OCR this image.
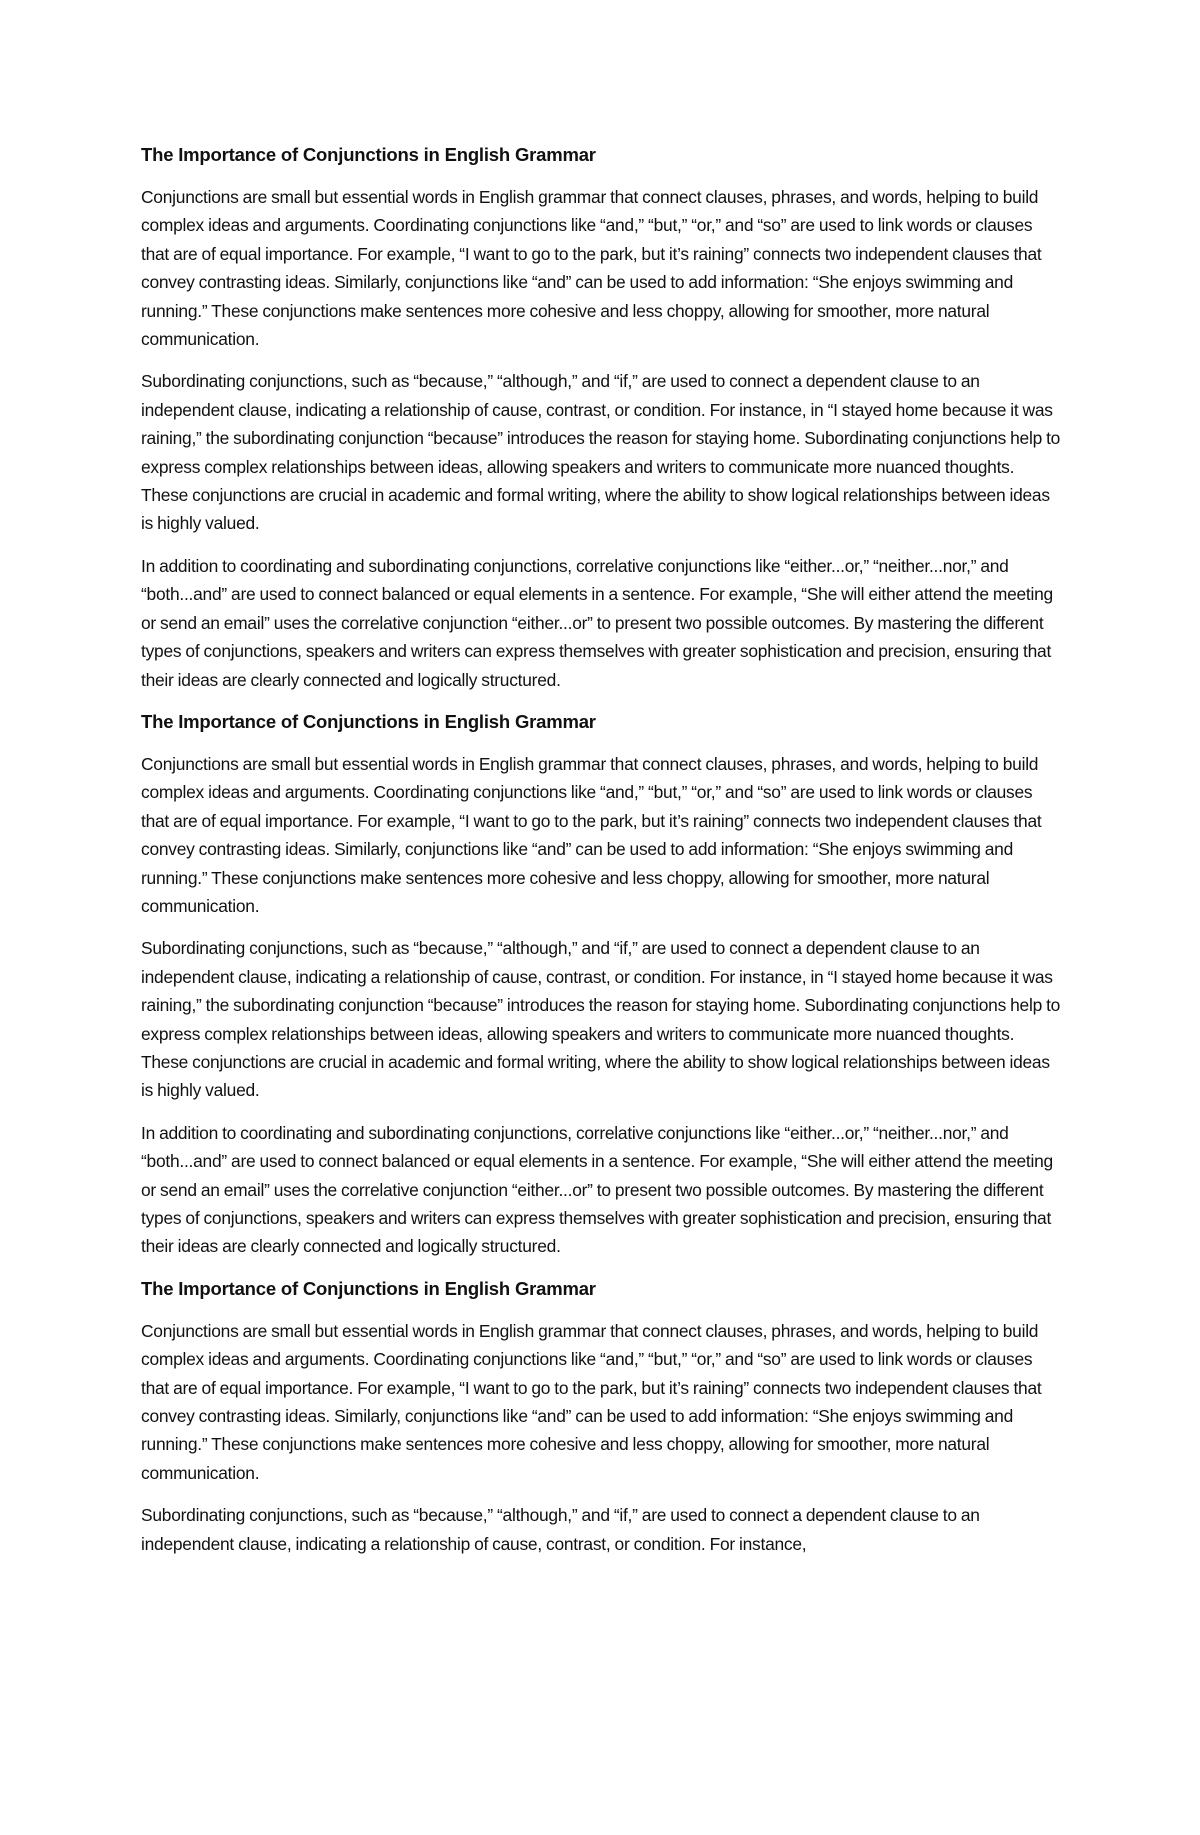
The Importance of Conjunctions in English Grammar

Conjunctions are small but essential words in English grammar that connect clauses, phrases, and words, helping to build complex ideas and arguments. Coordinating conjunctions like “and,” “but,” “or,” and “so” are used to link words or clauses that are of equal importance. For example, “I want to go to the park, but it’s raining” connects two independent clauses that convey contrasting ideas. Similarly, conjunctions like “and” can be used to add information: “She enjoys swimming and running.” These conjunctions make sentences more cohesive and less choppy, allowing for smoother, more natural communication.

Subordinating conjunctions, such as “because,” “although,” and “if,” are used to connect a dependent clause to an independent clause, indicating a relationship of cause, contrast, or condition. For instance, in “I stayed home because it was raining,” the subordinating conjunction “because” introduces the reason for staying home. Subordinating conjunctions help to express complex relationships between ideas, allowing speakers and writers to communicate more nuanced thoughts. These conjunctions are crucial in academic and formal writing, where the ability to show logical relationships between ideas is highly valued.

In addition to coordinating and subordinating conjunctions, correlative conjunctions like “either...or,” “neither...nor,” and “both...and” are used to connect balanced or equal elements in a sentence. For example, “She will either attend the meeting or send an email” uses the correlative conjunction “either...or” to present two possible outcomes. By mastering the different types of conjunctions, speakers and writers can express themselves with greater sophistication and precision, ensuring that their ideas are clearly connected and logically structured.

The Importance of Conjunctions in English Grammar

Conjunctions are small but essential words in English grammar that connect clauses, phrases, and words, helping to build complex ideas and arguments. Coordinating conjunctions like “and,” “but,” “or,” and “so” are used to link words or clauses that are of equal importance. For example, “I want to go to the park, but it’s raining” connects two independent clauses that convey contrasting ideas. Similarly, conjunctions like “and” can be used to add information: “She enjoys swimming and running.” These conjunctions make sentences more cohesive and less choppy, allowing for smoother, more natural communication.

Subordinating conjunctions, such as “because,” “although,” and “if,” are used to connect a dependent clause to an independent clause, indicating a relationship of cause, contrast, or condition. For instance, in “I stayed home because it was raining,” the subordinating conjunction “because” introduces the reason for staying home. Subordinating conjunctions help to express complex relationships between ideas, allowing speakers and writers to communicate more nuanced thoughts. These conjunctions are crucial in academic and formal writing, where the ability to show logical relationships between ideas is highly valued.

In addition to coordinating and subordinating conjunctions, correlative conjunctions like “either...or,” “neither...nor,” and “both...and” are used to connect balanced or equal elements in a sentence. For example, “She will either attend the meeting or send an email” uses the correlative conjunction “either...or” to present two possible outcomes. By mastering the different types of conjunctions, speakers and writers can express themselves with greater sophistication and precision, ensuring that their ideas are clearly connected and logically structured.

The Importance of Conjunctions in English Grammar

Conjunctions are small but essential words in English grammar that connect clauses, phrases, and words, helping to build complex ideas and arguments. Coordinating conjunctions like “and,” “but,” “or,” and “so” are used to link words or clauses that are of equal importance. For example, “I want to go to the park, but it’s raining” connects two independent clauses that convey contrasting ideas. Similarly, conjunctions like “and” can be used to add information: “She enjoys swimming and running.” These conjunctions make sentences more cohesive and less choppy, allowing for smoother, more natural communication.

Subordinating conjunctions, such as “because,” “although,” and “if,” are used to connect a dependent clause to an independent clause, indicating a relationship of cause, contrast, or condition. For instance,
